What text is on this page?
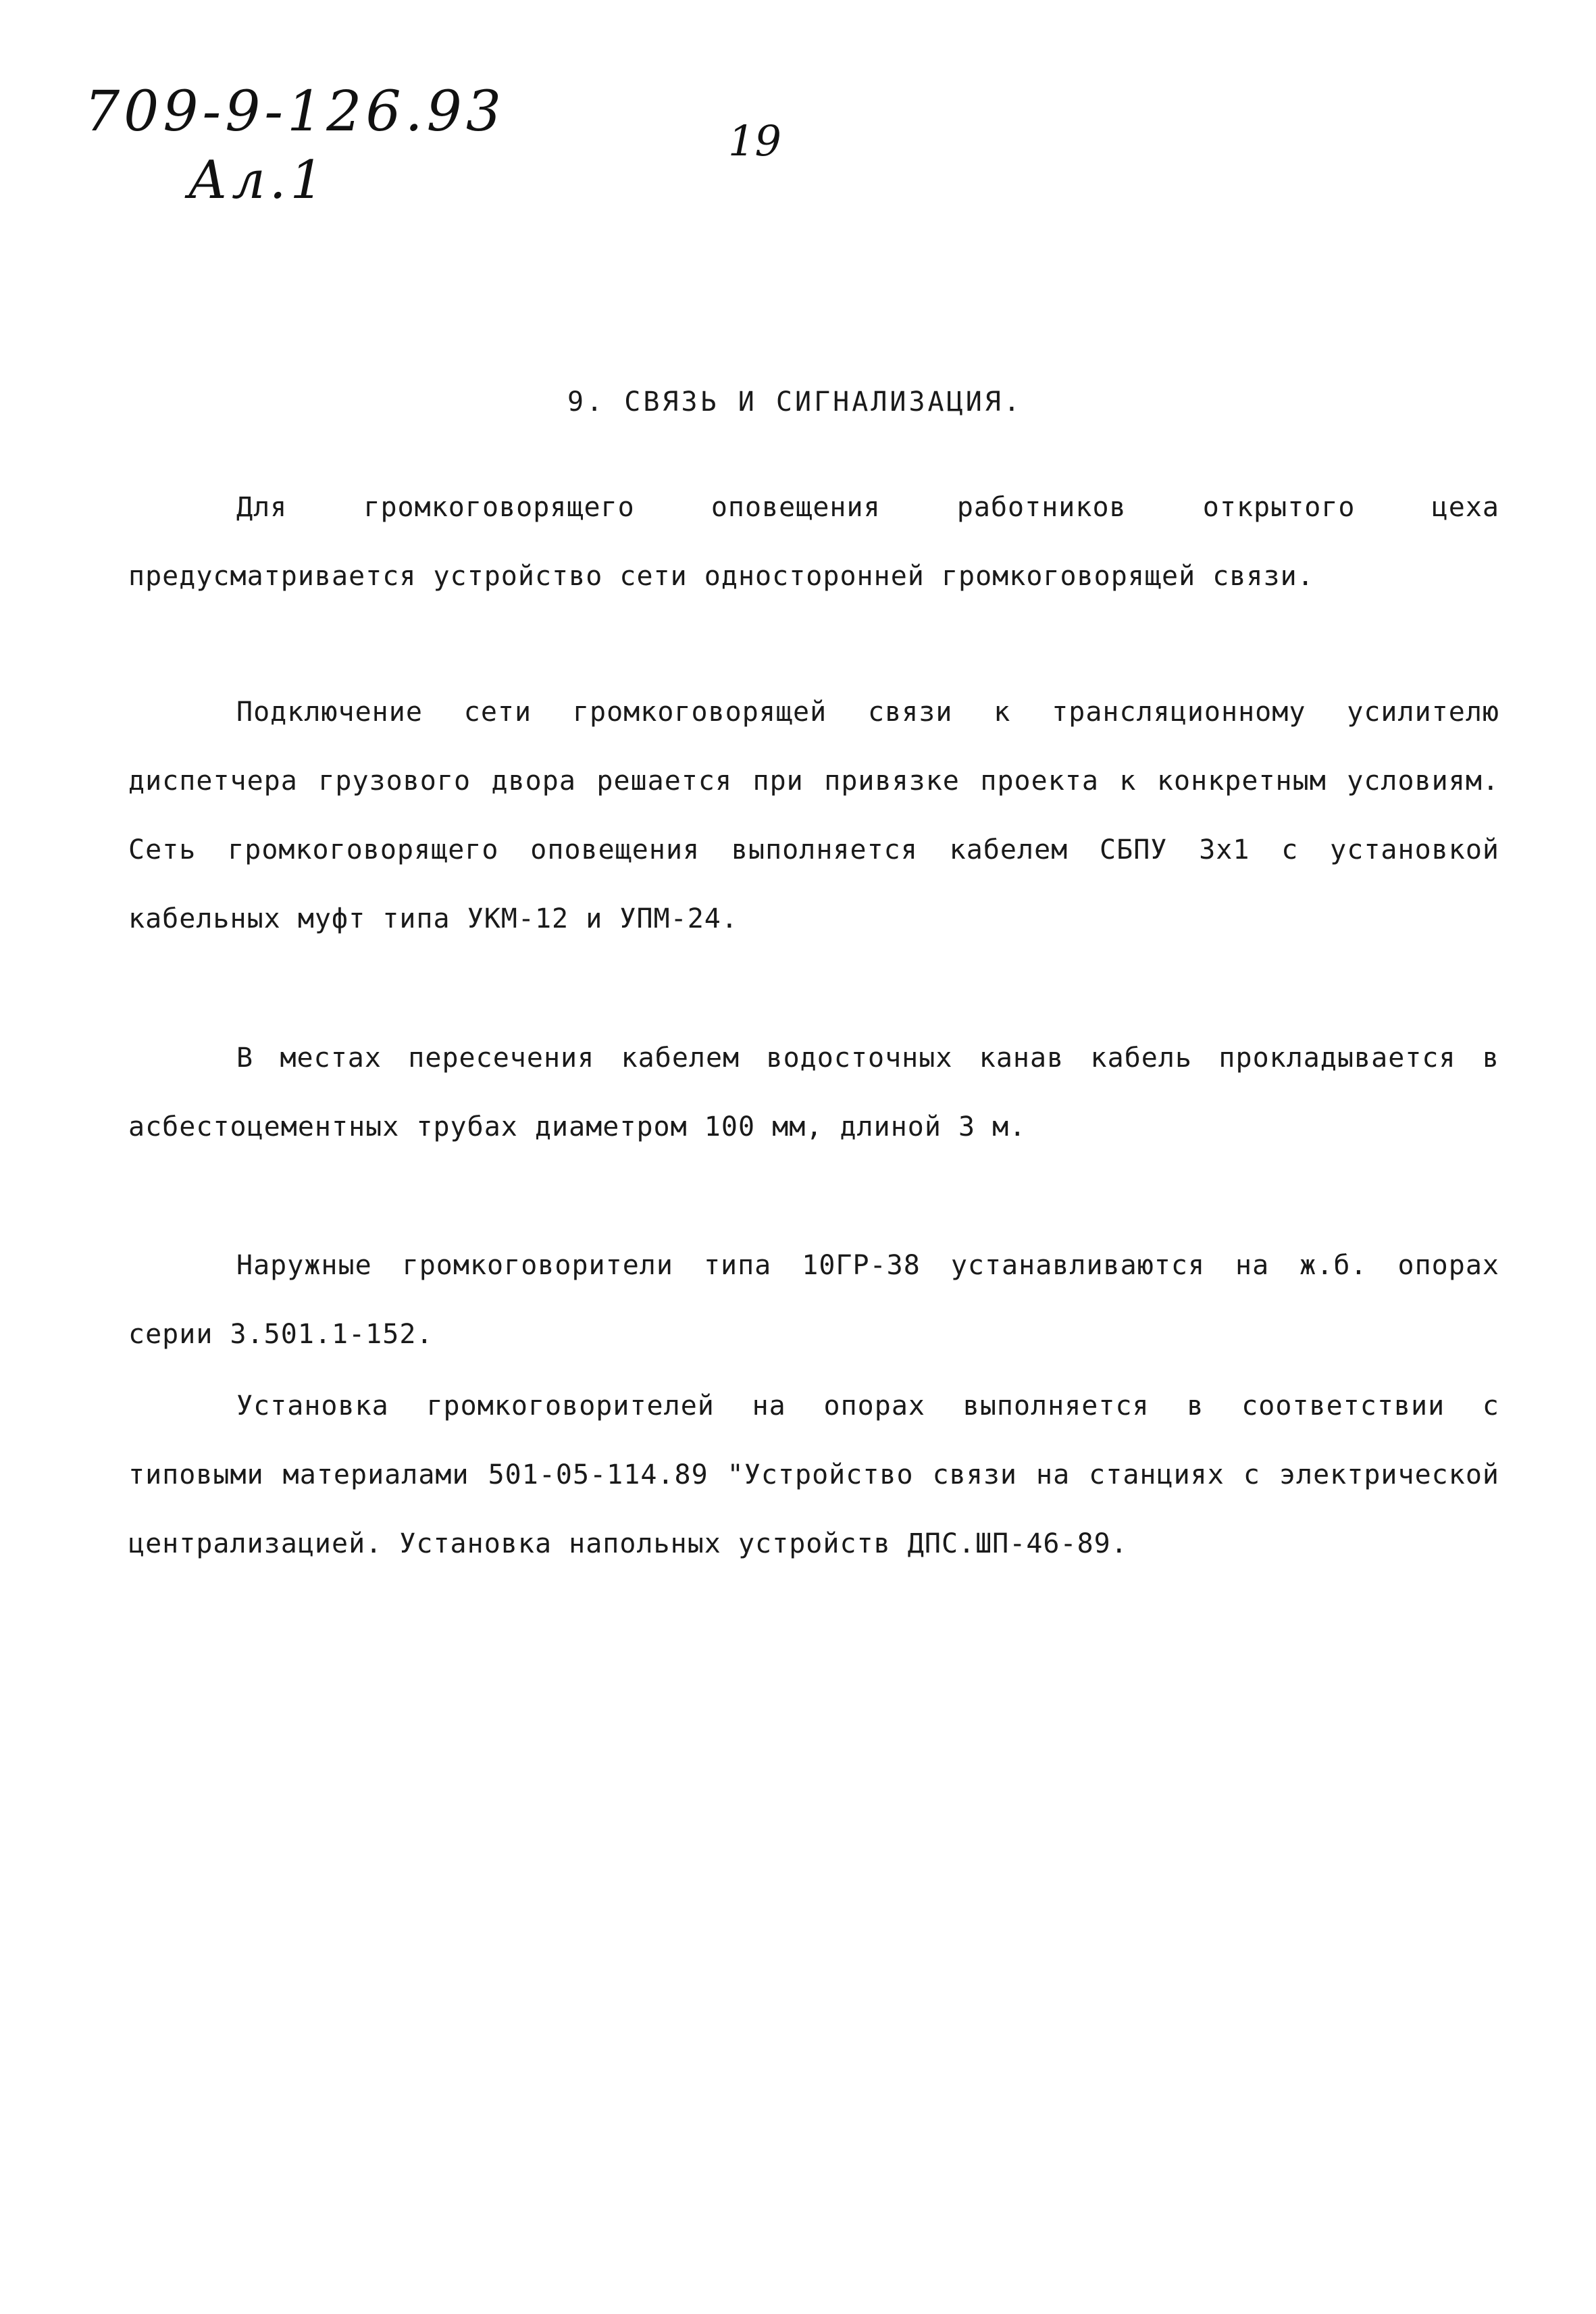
709-9-126.93
Ал.1
19
9. СВЯЗЬ И СИГНАЛИЗАЦИЯ.

Для громкоговорящего оповещения работников открытого цеха предусматривается устройство сети односторонней громкоговорящей связи.

Подключение сети громкоговорящей связи к трансляционному усилителю диспетчера грузового двора решается при привязке проекта к конкретным условиям. Сеть громкоговорящего оповещения выполняется кабелем СБПУ 3х1 с установкой кабельных муфт типа УКМ-12 и УПМ-24.

В местах пересечения кабелем водосточных канав кабель прокладывается в асбестоцементных трубах диаметром 100 мм, длиной 3 м.

Наружные громкоговорители типа 10ГР-38 устанавливаются на ж.б. опорах серии 3.501.1-152.

Установка громкоговорителей на опорах выполняется в соответствии с типовыми материалами 501-05-114.89 "Устройство связи на станциях с электрической централизацией. Установка напольных устройств ДПС.ШП-46-89.
